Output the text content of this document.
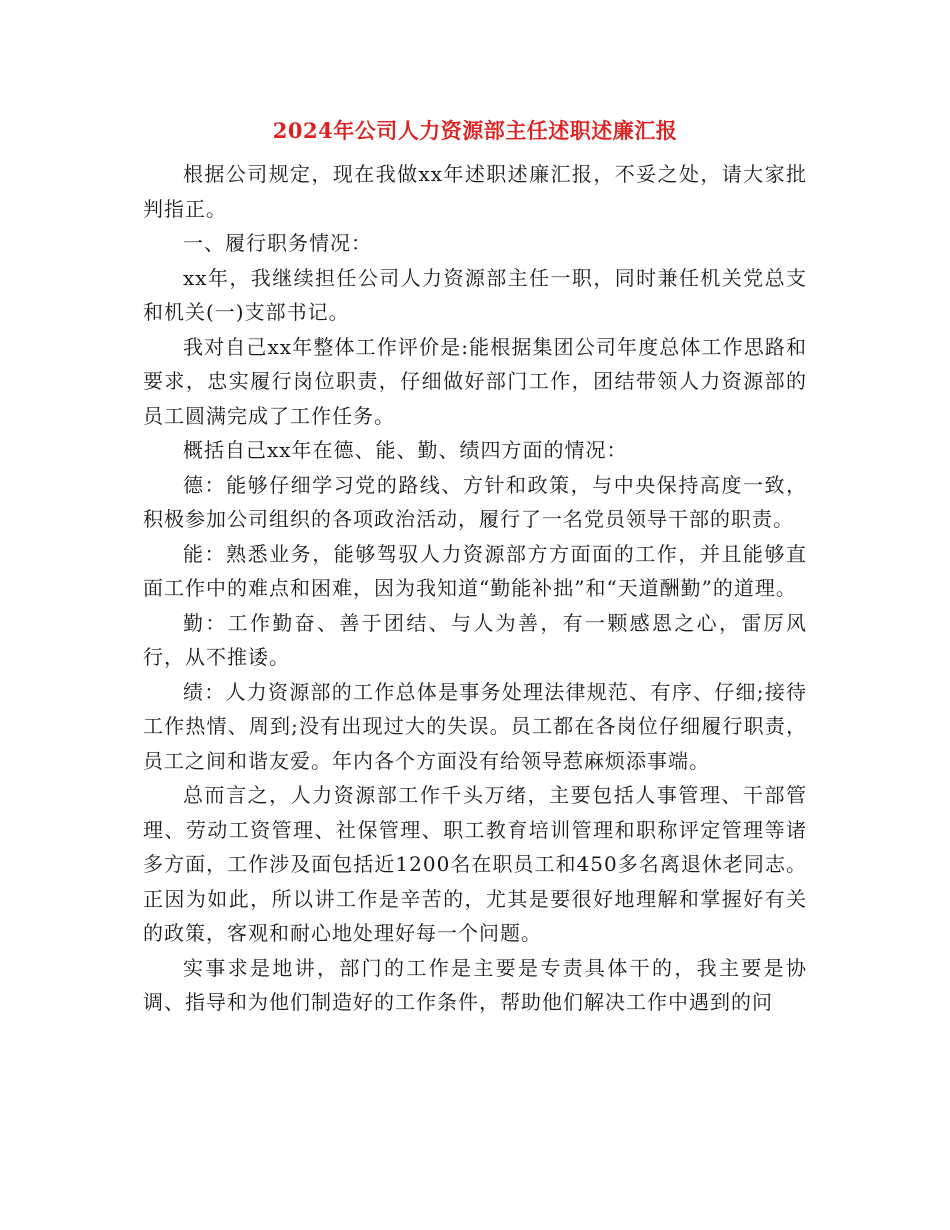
2024年公司人力资源部主任述职述廉汇报

根据公司规定，现在我做xx年述职述廉汇报，不妥之处，请大家批判指正。

一、履行职务情况：

xx年，我继续担任公司人力资源部主任一职，同时兼任机关党总支和机关(一)支部书记。

我对自己xx年整体工作评价是:能根据集团公司年度总体工作思路和要求，忠实履行岗位职责，仔细做好部门工作，团结带领人力资源部的员工圆满完成了工作任务。

概括自己xx年在德、能、勤、绩四方面的情况：

德：能够仔细学习党的路线、方针和政策，与中央保持高度一致，积极参加公司组织的各项政治活动，履行了一名党员领导干部的职责。

能：熟悉业务，能够驾驭人力资源部方方面面的工作，并且能够直面工作中的难点和困难，因为我知道“勤能补拙”和“天道酬勤”的道理。

勤：工作勤奋、善于团结、与人为善，有一颗感恩之心，雷厉风行，从不推诿。

绩：人力资源部的工作总体是事务处理法律规范、有序、仔细;接待工作热情、周到;没有出现过大的失误。员工都在各岗位仔细履行职责，员工之间和谐友爱。年内各个方面没有给领导惹麻烦添事端。

总而言之，人力资源部工作千头万绪，主要包括人事管理、干部管理、劳动工资管理、社保管理、职工教育培训管理和职称评定管理等诸多方面，工作涉及面包括近1200名在职员工和450多名离退休老同志。正因为如此，所以讲工作是辛苦的，尤其是要很好地理解和掌握好有关的政策，客观和耐心地处理好每一个问题。

实事求是地讲，部门的工作是主要是专责具体干的，我主要是协调、指导和为他们制造好的工作条件，帮助他们解决工作中遇到的问
